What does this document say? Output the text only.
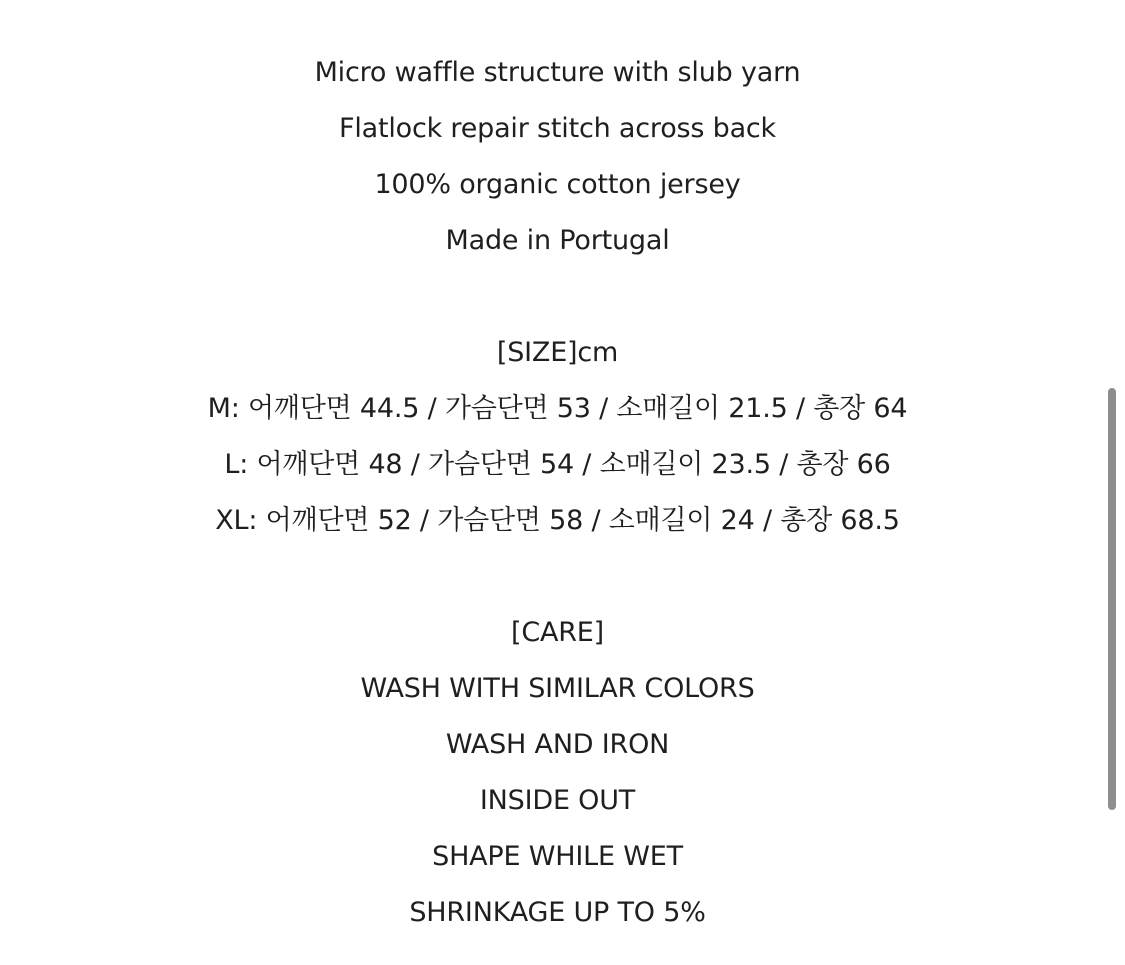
Micro waffle structure with slub yarn
Flatlock repair stitch across back
100% organic cotton jersey
Made in Portugal
[SIZE]cm
M: 어깨단면 44.5 / 가슴단면 53 / 소매길이 21.5 / 총장 64
L: 어깨단면 48 / 가슴단면 54 / 소매길이 23.5 / 총장 66
XL: 어깨단면 52 / 가슴단면 58 / 소매길이 24 / 총장 68.5
[CARE]
WASH WITH SIMILAR COLORS
WASH AND IRON
INSIDE OUT
SHAPE WHILE WET
SHRINKAGE UP TO 5%
